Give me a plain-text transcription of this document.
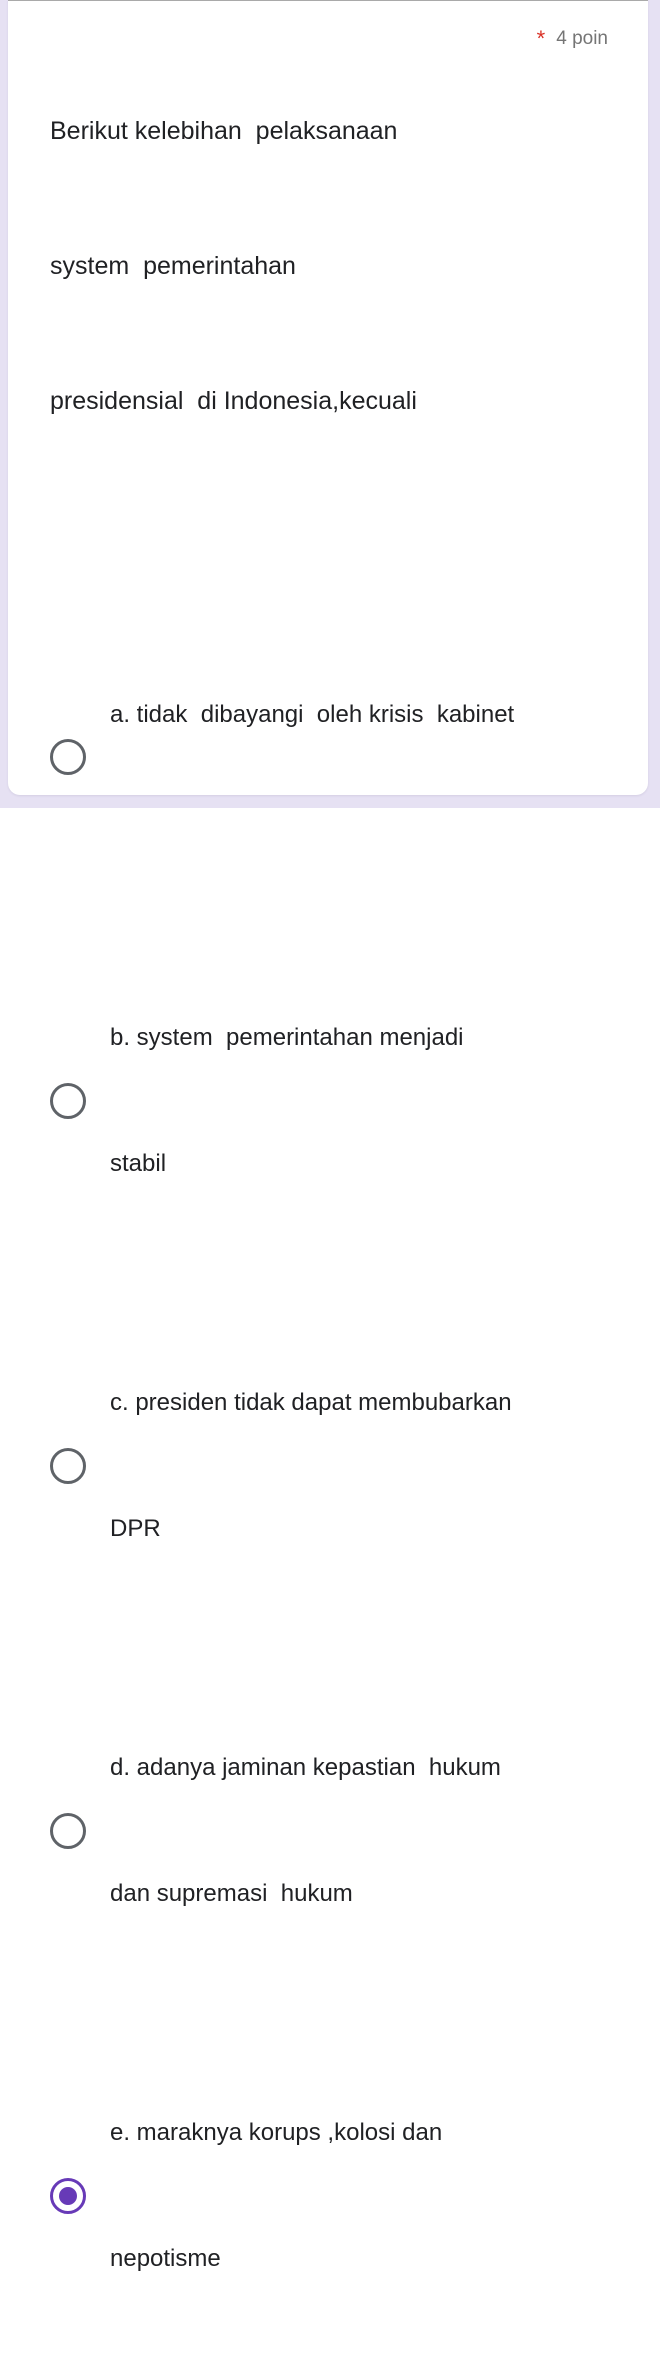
Berikut kelebihan  pelaksanaan

system  pemerintahan

presidensial  di Indonesia,kecuali

* 4 poin

a. tidak  dibayangi  oleh krisis  kabinet

b. system  pemerintahan menjadi

stabil

c. presiden tidak dapat membubarkan

DPR

d. adanya jaminan kepastian  hukum

dan supremasi  hukum

e. maraknya korups ,kolosi dan

nepotisme
